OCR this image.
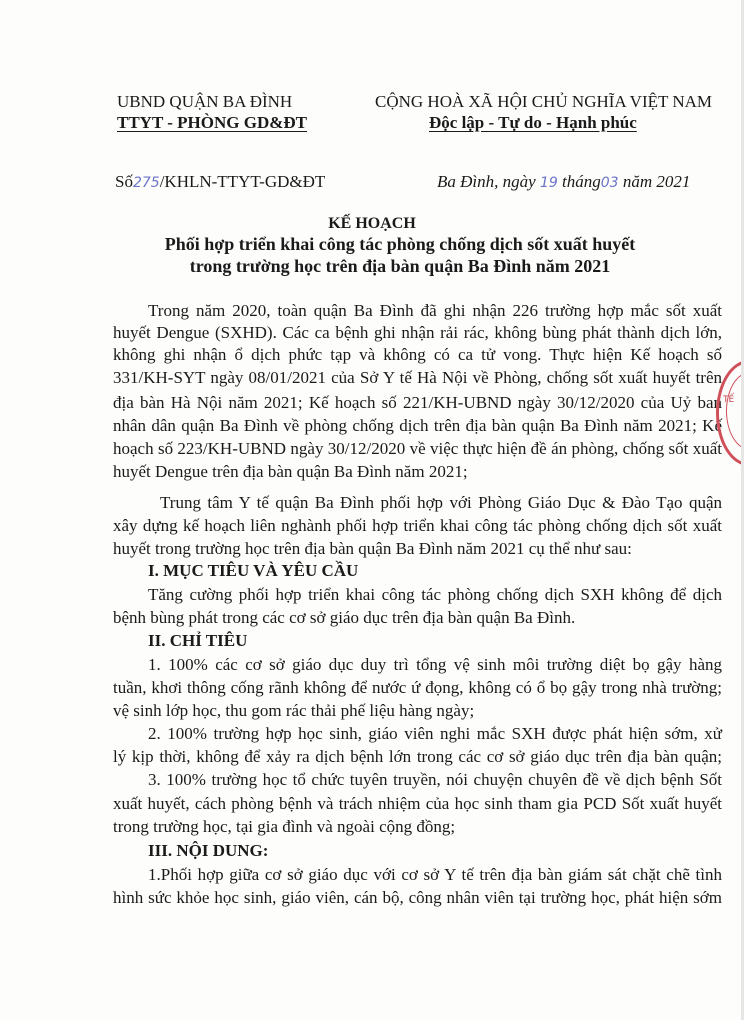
UBND QUẬN BA ĐÌNH
TTYT - PHÒNG GD&ĐT
CỘNG HOÀ XÃ HỘI CHỦ NGHĨA VIỆT NAM
Độc lập - Tự do - Hạnh phúc
Số275/KHLN-TTYT-GD&ĐT	Ba Đình, ngày 19 tháng03 năm 2021
KẾ HOẠCH
Phối hợp triển khai công tác phòng chống dịch sốt xuất huyết
trong trường học trên địa bàn quận Ba Đình năm 2021
Trong năm 2020, toàn quận Ba Đình đã ghi nhận 226 trường hợp mắc sốt xuất
huyết Dengue (SXHD). Các ca bệnh ghi nhận rải rác, không bùng phát thành dịch lớn,
không ghi nhận ổ dịch phức tạp và không có ca tử vong. Thực hiện Kế hoạch số
331/KH-SYT ngày 08/01/2021 của Sở Y tế Hà Nội về Phòng, chống sốt xuất huyết trên
địa bàn Hà Nội năm 2021; Kế hoạch số 221/KH-UBND ngày 30/12/2020 của Uỷ ban
nhân dân quận Ba Đình về phòng chống dịch trên địa bàn quận Ba Đình năm 2021; Kế
hoạch số 223/KH-UBND ngày 30/12/2020 về việc thực hiện đề án phòng, chống sốt xuất
huyết Dengue trên địa bàn quận Ba Đình năm 2021;
Trung tâm Y tế quận Ba Đình phối hợp với Phòng Giáo Dục & Đào Tạo quận
xây dựng kế hoạch liên nghành phối hợp triển khai công tác phòng chống dịch sốt xuất
huyết trong trường học trên địa bàn quận Ba Đình năm 2021 cụ thể như sau:
I. MỤC TIÊU VÀ YÊU CẦU
Tăng cường phối hợp triển khai công tác phòng chống dịch SXH không để dịch
bệnh bùng phát trong các cơ sở giáo dục trên địa bàn quận Ba Đình.
II. CHỈ TIÊU
1. 100% các cơ sở giáo dục duy trì tổng vệ sinh môi trường diệt bọ gậy hàng
tuần, khơi thông cống rãnh không để nước ứ đọng, không có ổ bọ gậy trong nhà trường;
vệ sinh lớp học, thu gom rác thải phế liệu hàng ngày;
2. 100% trường hợp học sinh, giáo viên nghi mắc SXH được phát hiện sớm, xử
lý kịp thời, không để xảy ra dịch bệnh lớn trong các cơ sở giáo dục trên địa bàn quận;
3. 100% trường học tổ chức tuyên truyền, nói chuyện chuyên đề về dịch bệnh Sốt
xuất huyết, cách phòng bệnh và trách nhiệm của học sinh tham gia PCD Sốt xuất huyết
trong trường học, tại gia đình và ngoài cộng đồng;
III. NỘI DUNG:
1.Phối hợp giữa cơ sở giáo dục với cơ sở Y tế trên địa bàn giám sát chặt chẽ tình
hình sức khỏe học sinh, giáo viên, cán bộ, công nhân viên tại trường học, phát hiện sớm
TẾ
